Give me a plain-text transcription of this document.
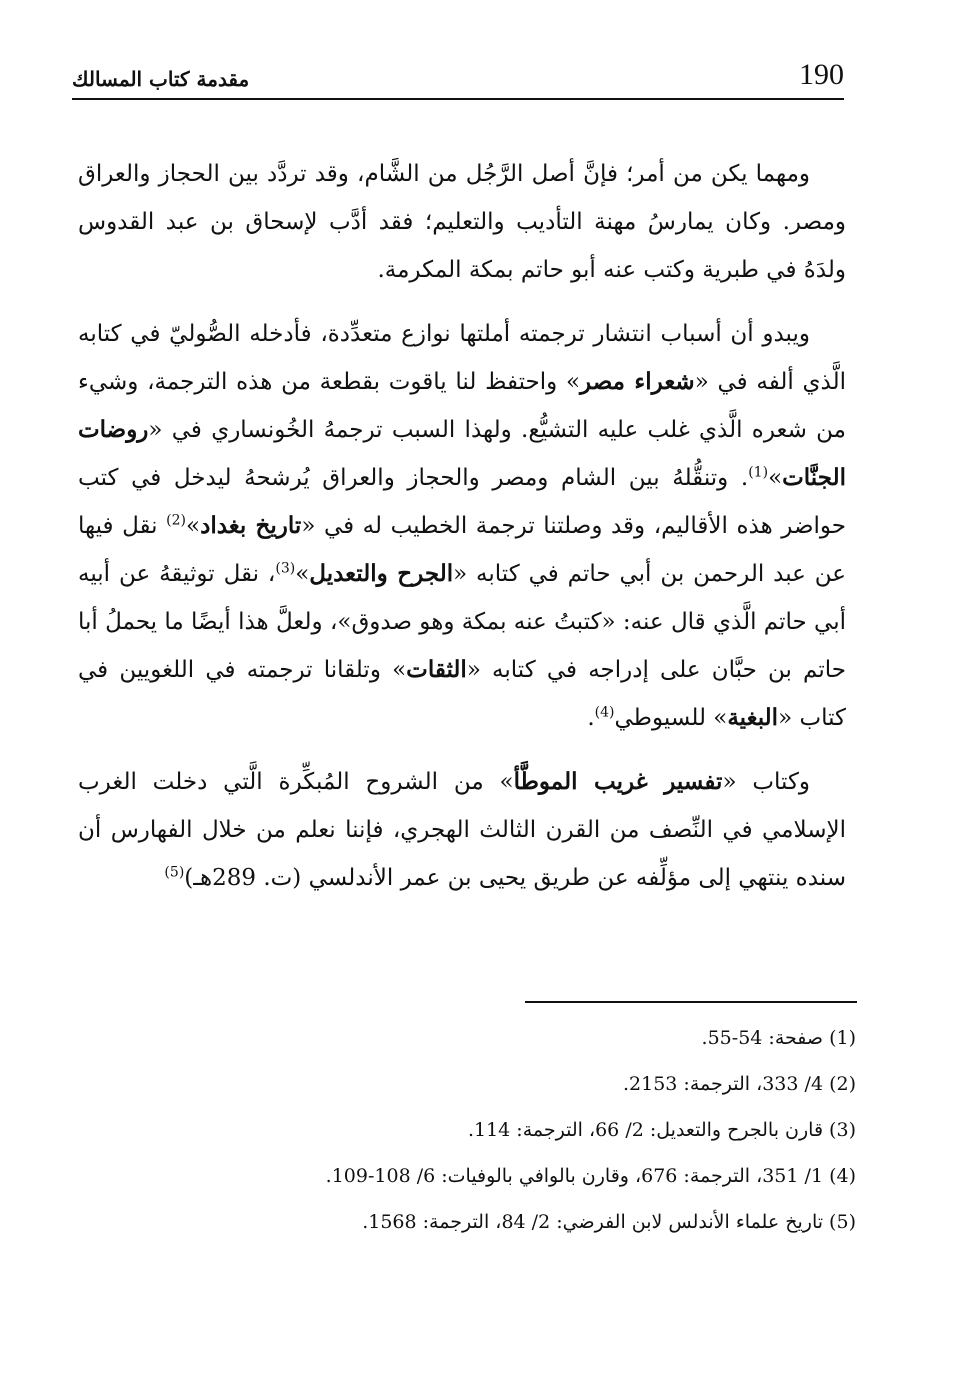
190
مقدمة كتاب المسالك

ومهما يكن من أمر؛ فإنَّ أصل الرَّجُل من الشَّام، وقد تردَّد بين الحجاز والعراق ومصر. وكان يمارسُ مهنة التأديب والتعليم؛ فقد أدَّب لإسحاق بن عبد القدوس ولدَهُ في طبرية وكتب عنه أبو حاتم بمكة المكرمة.

ويبدو أن أسباب انتشار ترجمته أملتها نوازع متعدِّدة، فأدخله الصُّوليّ في كتابه الَّذي ألفه في «شعراء مصر» واحتفظ لنا ياقوت بقطعة من هذه الترجمة، وشيء من شعره الَّذي غلب عليه التشيُّع. ولهذا السبب ترجمهُ الخُونساري في «روضات الجنَّات»$^{(1)}$. وتنقُّلهُ بين الشام ومصر والحجاز والعراق يُرشحهُ ليدخل في كتب حواضر هذه الأقاليم، وقد وصلتنا ترجمة الخطيب له في «تاريخ بغداد»$^{(2)}$ نقل فيها عن عبد الرحمن بن أبي حاتم في كتابه «الجرح والتعديل»$^{(3)}$، نقل توثيقهُ عن أبيه أبي حاتم الَّذي قال عنه: «كتبتُ عنه بمكة وهو صدوق»، ولعلَّ هذا أيضًا ما يحملُ أبا حاتم بن حبَّان على إدراجه في كتابه «الثقات» وتلقانا ترجمته في اللغويين في كتاب «البغية» للسيوطي$^{(4)}$.

وكتاب «تفسير غريب الموطَّأ» من الشروح المُبكِّرة الَّتي دخلت الغرب الإسلامي في النِّصف من القرن الثالث الهجري، فإننا نعلم من خلال الفهارس أن سنده ينتهي إلى مؤلِّفه عن طريق يحيى بن عمر الأندلسي (ت. 289هـ)$^{(5)}$

(1) صفحة: 54-55.

(2) 4/ 333، الترجمة: 2153.

(3) قارن بالجرح والتعديل: 2/ 66، الترجمة: 114.

(4) 1/ 351، الترجمة: 676، وقارن بالوافي بالوفيات: 6/ 108-109.

(5) تاريخ علماء الأندلس لابن الفرضي: 2/ 84، الترجمة: 1568.
